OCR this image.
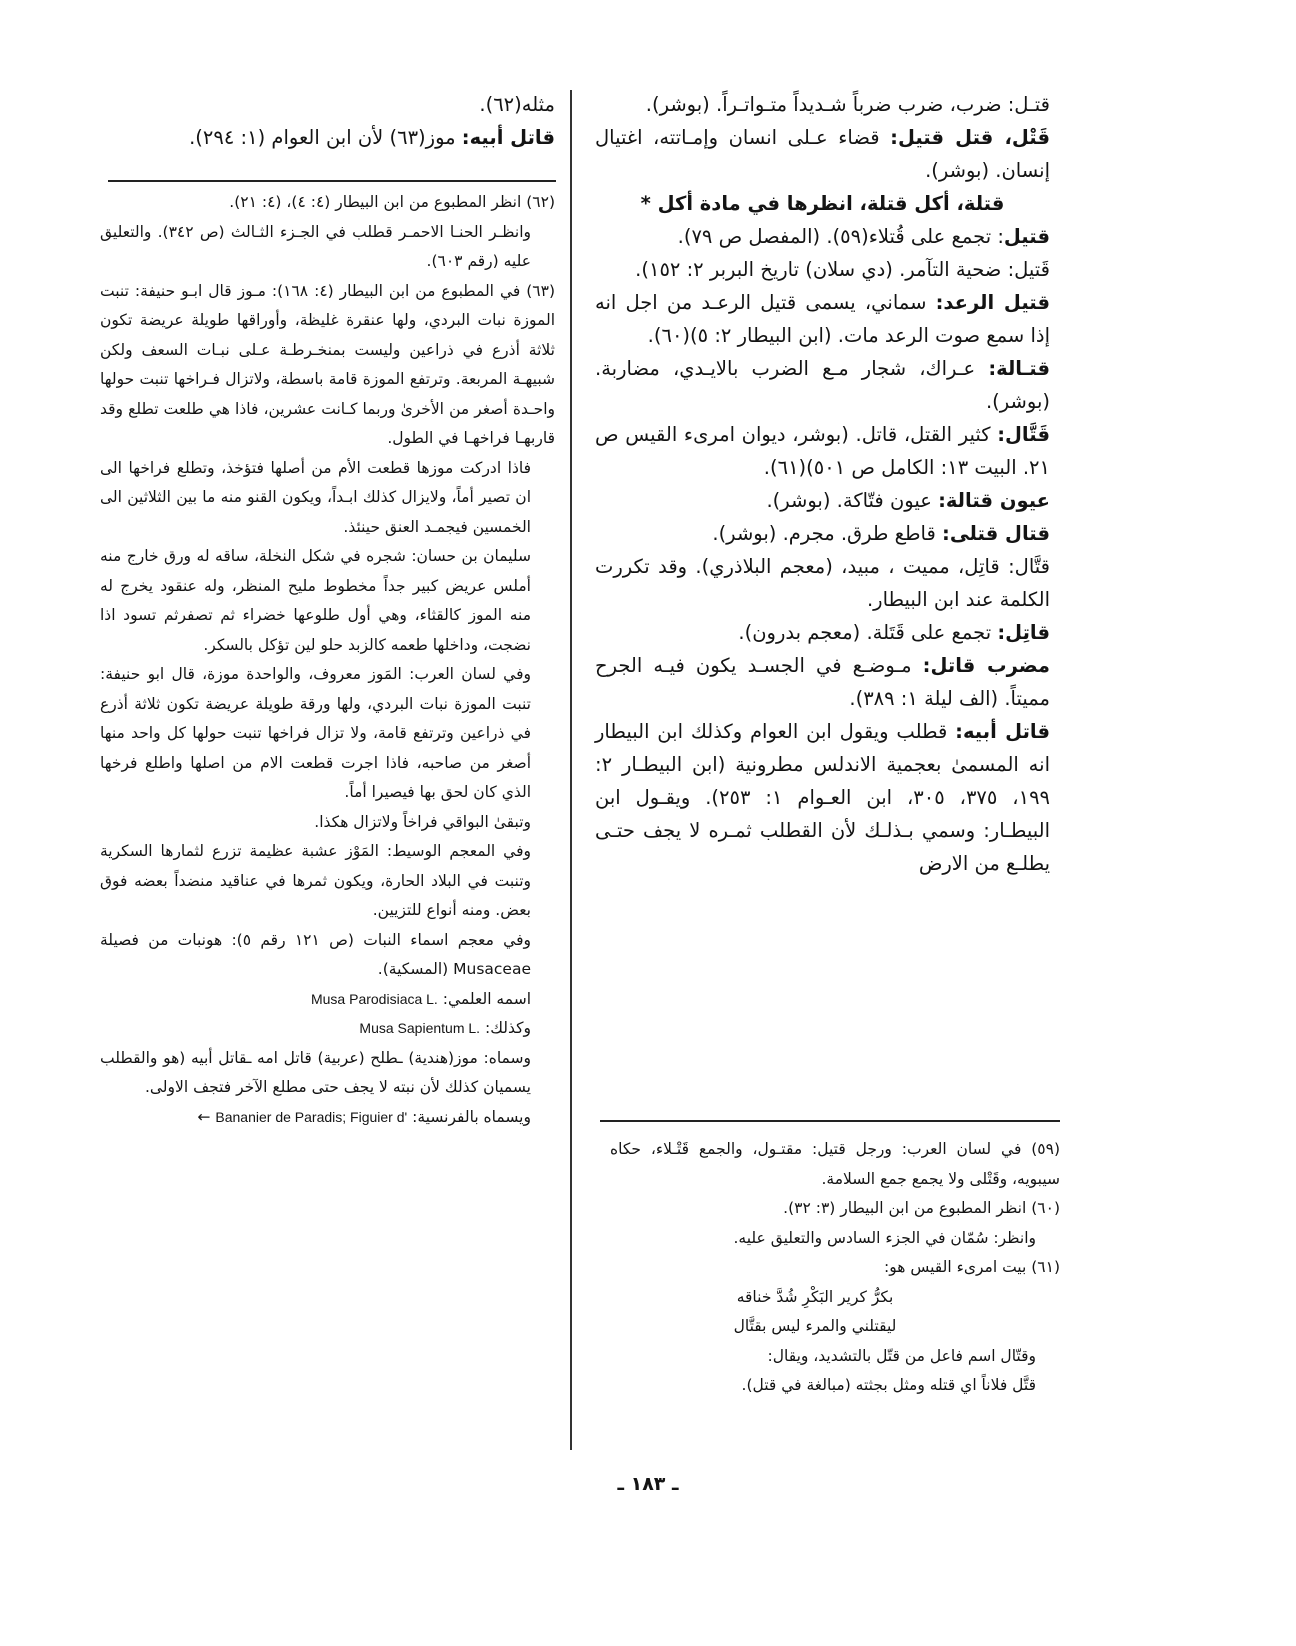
قتـل: ضرب، ضرب ضرباً شـديداً متـواتـراً. (بوشر).

قَتْل، قتل قتيل: قضاء عـلى انسان وإمـاتته، اغتيال إنسان. (بوشر).

قتلة، أكل قتلة، انظرها في مادة أكل *

قتيل: تجمع على قُتلاء(٥٩). (المفصل ص ٧٩).

قَتيل: ضحية التآمر. (دي سلان) تاريخ البربر ٢: ١٥٢).

قتيل الرعد: سماني، يسمى قتيل الرعـد من اجل انه إذا سمع صوت الرعد مات. (ابن البيطار ٢: ٥)(٦٠).

قتـالة: عـراك، شجار مـع الضرب بالايـدي، مضاربة. (بوشر).

قَتَّال: كثير القتل، قاتل. (بوشر، ديوان امرىء القيس ص ٢١. البيت ١٣: الكامل ص ٥٠١)(٦١).

عيون قتالة: عيون فتّاكة. (بوشر).

قتال قتلى: قاطع طرق. مجرم. (بوشر).

قتَّال: قاتِل، مميت ، مبيد، (معجم البلاذري). وقد تكررت الكلمة عند ابن البيطار.

قاتِل: تجمع على قَتَلة. (معجم بدرون).

مضرب قاتل: مـوضـع في الجسـد يكون فيـه الجرح مميتاً. (الف ليلة ١: ٣٨٩).

قاتل أبيه: قطلب ويقول ابن العوام وكذلك ابن البيطار انه المسمىٰ بعجمية الاندلس مطرونية (ابن البيطـار ٢: ١٩٩، ٣٧٥، ٣٠٥، ابن العـوام ١: ٢٥٣). ويقـول ابن البيطـار: وسمي بـذلـك لأن القطلب ثمـره لا يجف حتـى يطلـع من الارض

(٥٩) في لسان العرب: ورجل قتيل: مقتـول، والجمع قَتْـلاء، حكاه سيبويه، وقَتْلى ولا يجمع جمع السلامة.

(٦٠) انظر المطبوع من ابن البيطار (٣: ٣٢).

وانظر: سُمّان في الجزء السادس والتعليق عليه.

(٦١) بيت امرىء القيس هو:

بكرُّ كرير البَكْرِ شُدَّ خناقه

ليقتلني والمرء ليس بقتَّال

وقتّال اسم فاعل من قتّل بالتشديد، ويقال:

قتَّل فلاناً اي قتله ومثل بجثته (مبالغة في قتل).

مثله(٦٢).

قاتل أبيه: موز(٦٣) لأن ابن العوام (١: ٢٩٤).

(٦٢) انظر المطبوع من ابن البيطار (٤: ٤)، (٤: ٢١).

وانظـر الحنـا الاحمـر قطلب في الجـزء الثـالث (ص ٣٤٢). والتعليق عليه (رقم ٦٠٣).

(٦٣) في المطبوع من ابن البيطار (٤: ١٦٨): مـوز قال ابـو حنيفة: تنبت الموزة نبات البردي، ولها عنقرة غليظة، وأوراقها طويلة عريضة تكون ثلاثة أذرع في ذراعين وليست بمنخـرطـة عـلى نبـات السعف ولكن شبيهـة المربعة. وترتفع الموزة قامة باسطة، ولاتزال فـراخها تنبت حولها واحـدة أصغر من الأخرىٰ وربما كـانت عشرين، فاذا هي طلعت تطلع وقد قاربهـا فراخهـا في الطول.

فاذا ادركت موزها قطعت الأم من أصلها فتؤخذ، وتطلع فراخها الى ان تصير أماً، ولايزال كذلك ابـداً، ويكون القنو منه ما بين الثلاثين الى الخمسين فيجمـد العنق حينئذ.

سليمان بن حسان: شجره في شكل النخلة، ساقه له ورق خارج منه أملس عريض كبير جداً مخطوط مليح المنظر، وله عنقود يخرج له منه الموز كالقثاء، وهي أول طلوعها خضراء ثم تصفرثم تسود اذا نضجت، وداخلها طعمه كالزبد حلو لين تؤكل بالسكر.

وفي لسان العرب: المَوز معروف، والواحدة موزة، قال ابو حنيفة: تنبت الموزة نبات البردي، ولها ورقة طويلة عريضة تكون ثلاثة أذرع في ذراعين وترتفع قامة، ولا تزال فراخها تنبت حولها كل واحد منها أصغر من صاحبه، فاذا اجرت قطعت الام من اصلها واطلع فرخها الذي كان لحق بها فيصيرا أماً.

وتبقىٰ البواقي فراخاً ولاتزال هكذا.

وفي المعجم الوسيط: المَوْز عشبة عظيمة تزرع لثمارها السكرية وتنبت في البلاد الحارة، ويكون ثمرها في عناقيد منضداً بعضه فوق بعض. ومنه أنواع للتزيين.

وفي معجم اسماء النبات (ص ١٢١ رقم ٥): هونبات من فصيلة Musaceae (المسكية).

اسمه العلمي: Musa Parodisiaca L.

وكذلك: Musa Sapientum L.

وسماه: موز(هندية) ـطلح (عربية) قاتل امه ـقاتل أبيه (هو والقطلب يسميان كذلك لأن نبته لا يجف حتى مطلع الآخر فتجف الاولى.

ويسماه بالفرنسية: Bananier de Paradis; Figuier d' ←

ـ ١٨٣ ـ
